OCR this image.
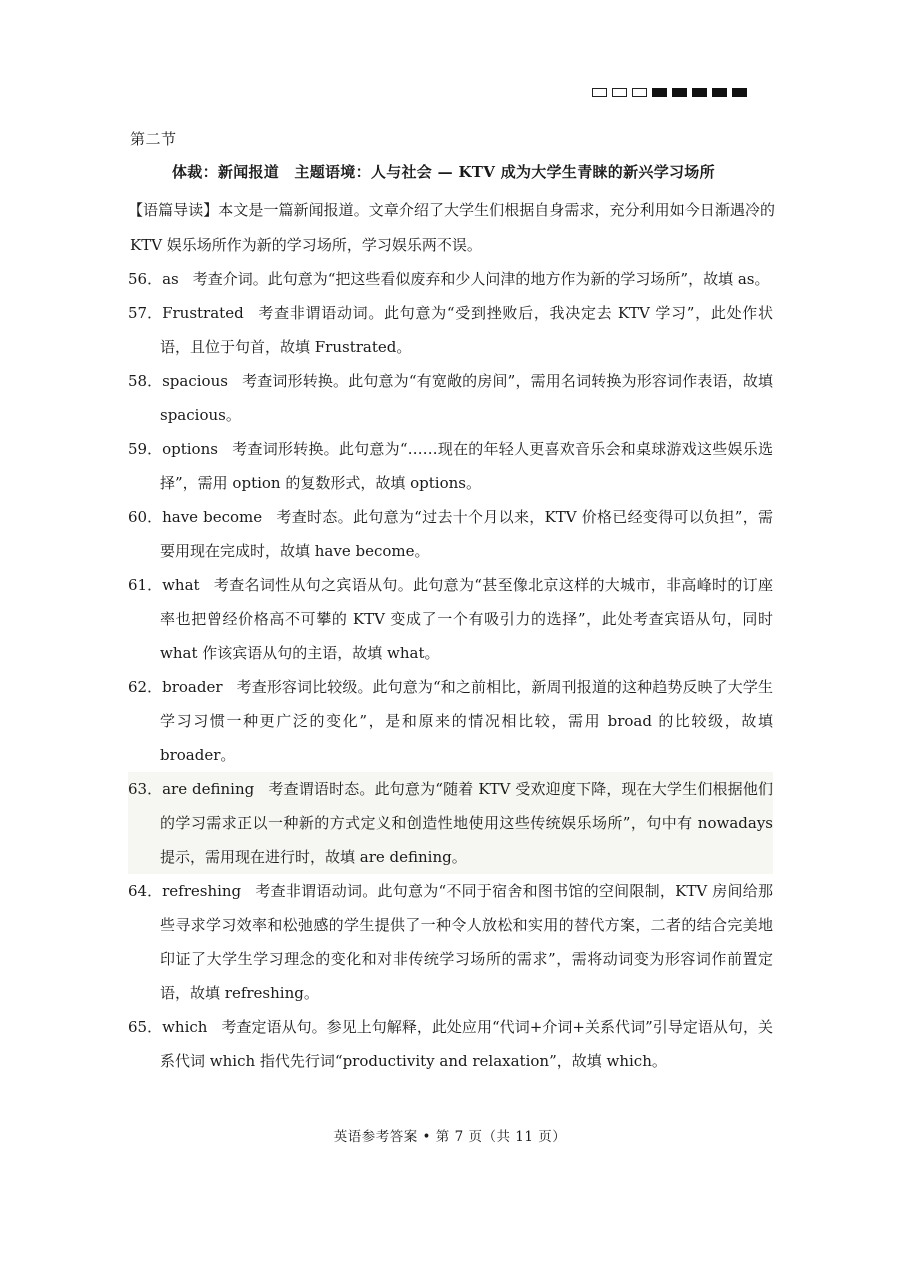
第二节
体裁：新闻报道　主题语境：人与社会 — KTV 成为大学生青睐的新兴学习场所
【语篇导读】本文是一篇新闻报道。文章介绍了大学生们根据自身需求，充分利用如今日渐遇冷的 KTV 娱乐场所作为新的学习场所，学习娱乐两不误。
56．as 考查介词。此句意为“把这些看似废弃和少人问津的地方作为新的学习场所”，故填 as。
57．Frustrated 考查非谓语动词。此句意为“受到挫败后，我决定去 KTV 学习”，此处作状语，且位于句首，故填 Frustrated。
58．spacious 考查词形转换。此句意为“有宽敞的房间”，需用名词转换为形容词作表语，故填 spacious。
59．options 考查词形转换。此句意为“……现在的年轻人更喜欢音乐会和桌球游戏这些娱乐选择”，需用 option 的复数形式，故填 options。
60．have become 考查时态。此句意为“过去十个月以来，KTV 价格已经变得可以负担”，需要用现在完成时，故填 have become。
61．what 考查名词性从句之宾语从句。此句意为“甚至像北京这样的大城市，非高峰时的订座率也把曾经价格高不可攀的 KTV 变成了一个有吸引力的选择”，此处考查宾语从句，同时 what 作该宾语从句的主语，故填 what。
62．broader 考查形容词比较级。此句意为“和之前相比，新周刊报道的这种趋势反映了大学生学习习惯一种更广泛的变化”，是和原来的情况相比较，需用 broad 的比较级，故填 broader。
63．are defining 考查谓语时态。此句意为“随着 KTV 受欢迎度下降，现在大学生们根据他们的学习需求正以一种新的方式定义和创造性地使用这些传统娱乐场所”，句中有 nowadays 提示，需用现在进行时，故填 are defining。
64．refreshing 考查非谓语动词。此句意为“不同于宿舍和图书馆的空间限制，KTV 房间给那些寻求学习效率和松弛感的学生提供了一种令人放松和实用的替代方案，二者的结合完美地印证了大学生学习理念的变化和对非传统学习场所的需求”，需将动词变为形容词作前置定语，故填 refreshing。
65．which 考查定语从句。参见上句解释，此处应用“代词+介词+关系代词”引导定语从句，关系代词 which 指代先行词“productivity and relaxation”，故填 which。
英语参考答案 • 第 7 页（共 11 页）
